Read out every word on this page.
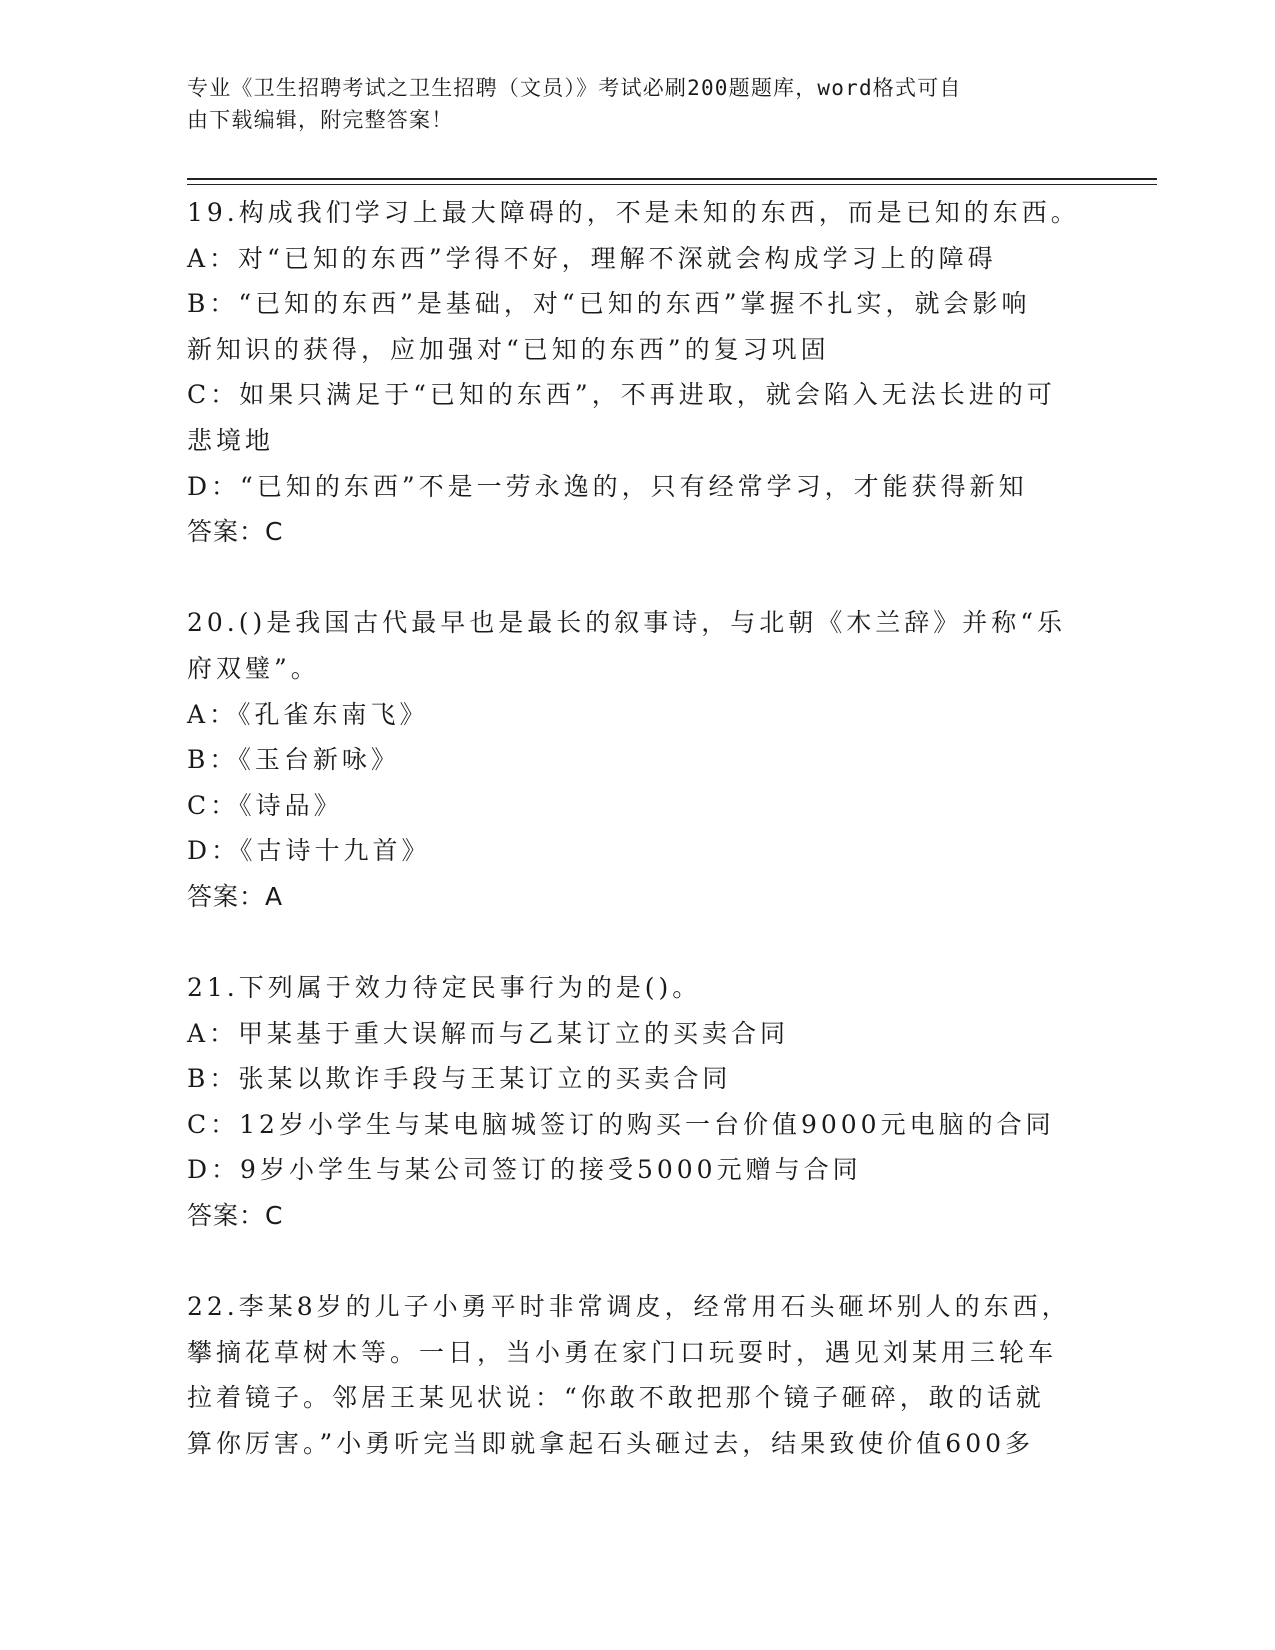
专业《卫生招聘考试之卫生招聘（文员）》考试必刷200题题库，word格式可自
由下载编辑，附完整答案！
19.构成我们学习上最大障碍的，不是未知的东西，而是已知的东西。
A：对“已知的东西”学得不好，理解不深就会构成学习上的障碍
B：“已知的东西”是基础，对“已知的东西”掌握不扎实，就会影响
新知识的获得，应加强对“已知的东西”的复习巩固
C：如果只满足于“已知的东西”，不再进取，就会陷入无法长进的可
悲境地
D：“已知的东西”不是一劳永逸的，只有经常学习，才能获得新知
答案：C
20.()是我国古代最早也是最长的叙事诗，与北朝《木兰辞》并称“乐
府双璧”。
A：《孔雀东南飞》
B：《玉台新咏》
C：《诗品》
D：《古诗十九首》
答案：A
21.下列属于效力待定民事行为的是()。
A：甲某基于重大误解而与乙某订立的买卖合同
B：张某以欺诈手段与王某订立的买卖合同
C：12岁小学生与某电脑城签订的购买一台价值9000元电脑的合同
D：9岁小学生与某公司签订的接受5000元赠与合同
答案：C
22.李某8岁的儿子小勇平时非常调皮，经常用石头砸坏别人的东西，
攀摘花草树木等。一日，当小勇在家门口玩耍时，遇见刘某用三轮车
拉着镜子。邻居王某见状说：“你敢不敢把那个镜子砸碎，敢的话就
算你厉害。”小勇听完当即就拿起石头砸过去，结果致使价值600多
